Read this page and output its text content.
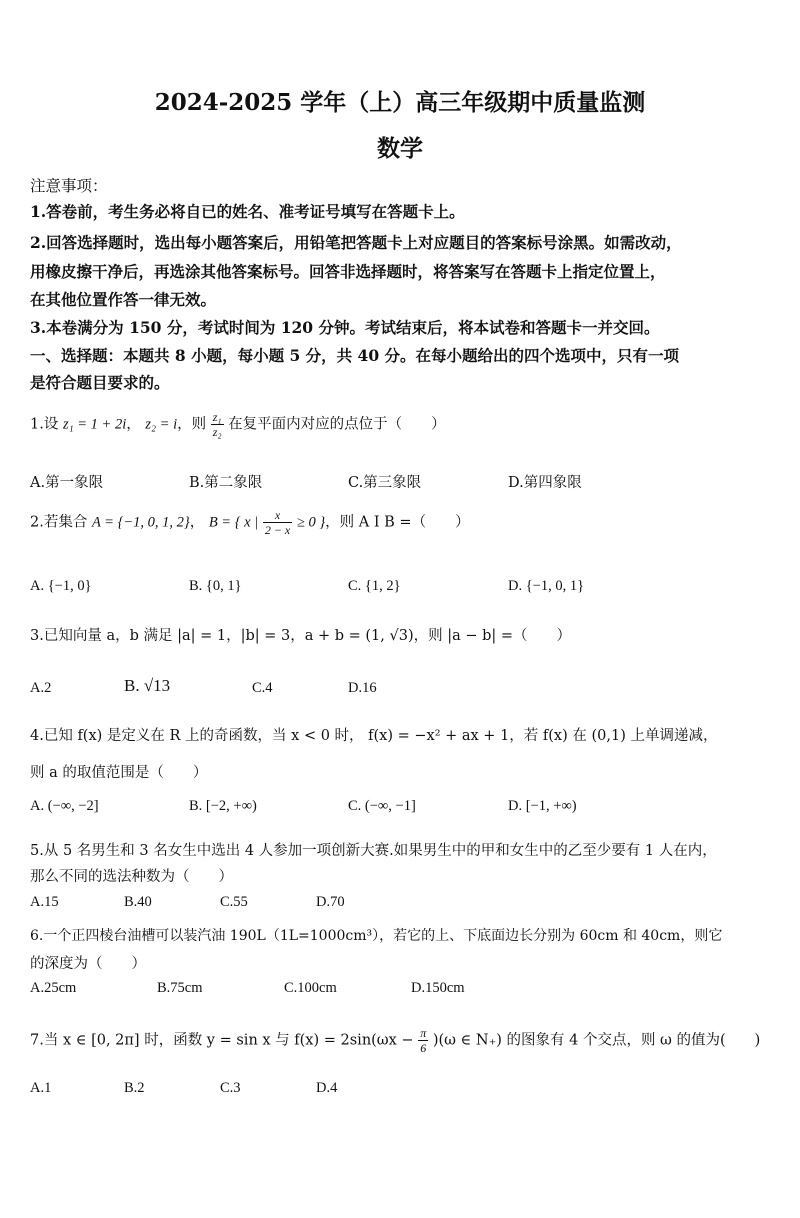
2024-2025 学年（上）高三年级期中质量监测
数学
注意事项：
1.答卷前，考生务必将自已的姓名、准考证号填写在答题卡上。
2.回答选择题时，选出每小题答案后，用铅笔把答题卡上对应题目的答案标号涂黑。如需改动，
用橡皮擦干净后，再选涂其他答案标号。回答非选择题时，将答案写在答题卡上指定位置上，
在其他位置作答一律无效。
3.本卷满分为 150 分，考试时间为 120 分钟。考试结束后，将本试卷和答题卡一并交回。
一、选择题：本题共 8 小题，每小题 5 分，共 40 分。在每小题给出的四个选项中，只有一项
是符合题目要求的。
1.设 z₁ = 1 + 2i， z₂ = i，则 $\frac{\text{z₁}}{\text{z₂}}$ 在复平面内对应的点位于（　　）
A.第一象限	B.第二象限	C.第三象限	D.第四象限
2.若集合 A = {−1, 0, 1, 2}， B = { x | $\frac{x}{2 - x} \ge 0$ }，则 A I B =（　　）
A. {−1, 0}	B. {0, 1}	C. {1, 2}	D. {−1, 0, 1}
3.已知向量 a，b 满足 |a| = 1，|b| = 3，a + b = (1, √3)，则 |a − b| =（　　）
A.2	B. √13	C.4	D.16
4.已知 f(x) 是定义在 R 上的奇函数，当 x < 0 时， f(x) = −x² + ax + 1，若 f(x) 在 (0,1) 上单调递减，
则 a 的取值范围是（　　）
A. (−∞, −2]	B. [−2, +∞)	C. (−∞, −1]	D. [−1, +∞)
5.从 5 名男生和 3 名女生中选出 4 人参加一项创新大赛.如果男生中的甲和女生中的乙至少要有 1 人在内，
那么不同的选法种数为（　　）
A.15	B.40	C.55	D.70
6.一个正四棱台油槽可以装汽油 190L（1L=1000cm³），若它的上、下底面边长分别为 60cm 和 40cm，则它
的深度为（　　）
A.25cm	B.75cm	C.100cm	D.150cm
7.当 x ∈ [0, 2π] 时，函数 y = sin x 与 $f(x) = 2\sin(\omega x - \frac{\pi}{6} )(\omega$ ∈ N₊) 的图象有 4 个交点，则 ω 的值为(　　)
A.1	B.2	C.3	D.4
